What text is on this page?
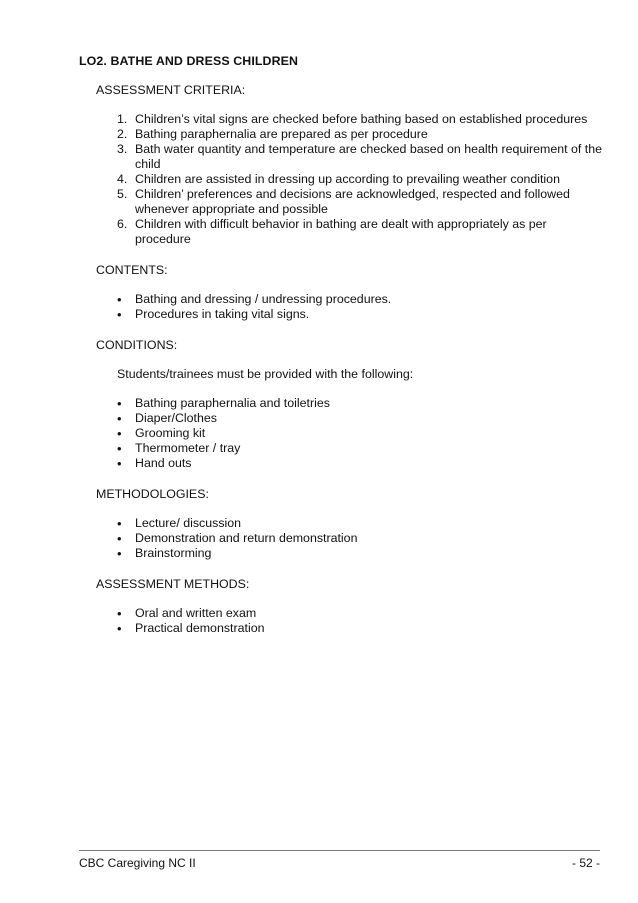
LO2. BATHE AND DRESS CHILDREN
ASSESSMENT CRITERIA:
1. Children’s vital signs are checked before bathing based on established procedures
2. Bathing paraphernalia are prepared as per procedure
3. Bath water quantity and temperature are checked based on health requirement of the child
4. Children are assisted in dressing up according to prevailing weather condition
5. Children’ preferences and decisions are acknowledged, respected and followed whenever appropriate and possible
6. Children with difficult behavior in bathing are dealt with appropriately as per procedure
CONTENTS:
• Bathing and dressing / undressing procedures.
• Procedures in taking vital signs.
CONDITIONS:
Students/trainees must be provided with the following:
• Bathing paraphernalia and toiletries
• Diaper/Clothes
• Grooming kit
• Thermometer / tray
• Hand outs
METHODOLOGIES:
• Lecture/ discussion
• Demonstration and return demonstration
• Brainstorming
ASSESSMENT METHODS:
• Oral and written exam
• Practical demonstration
CBC Caregiving NC II	- 52 -
